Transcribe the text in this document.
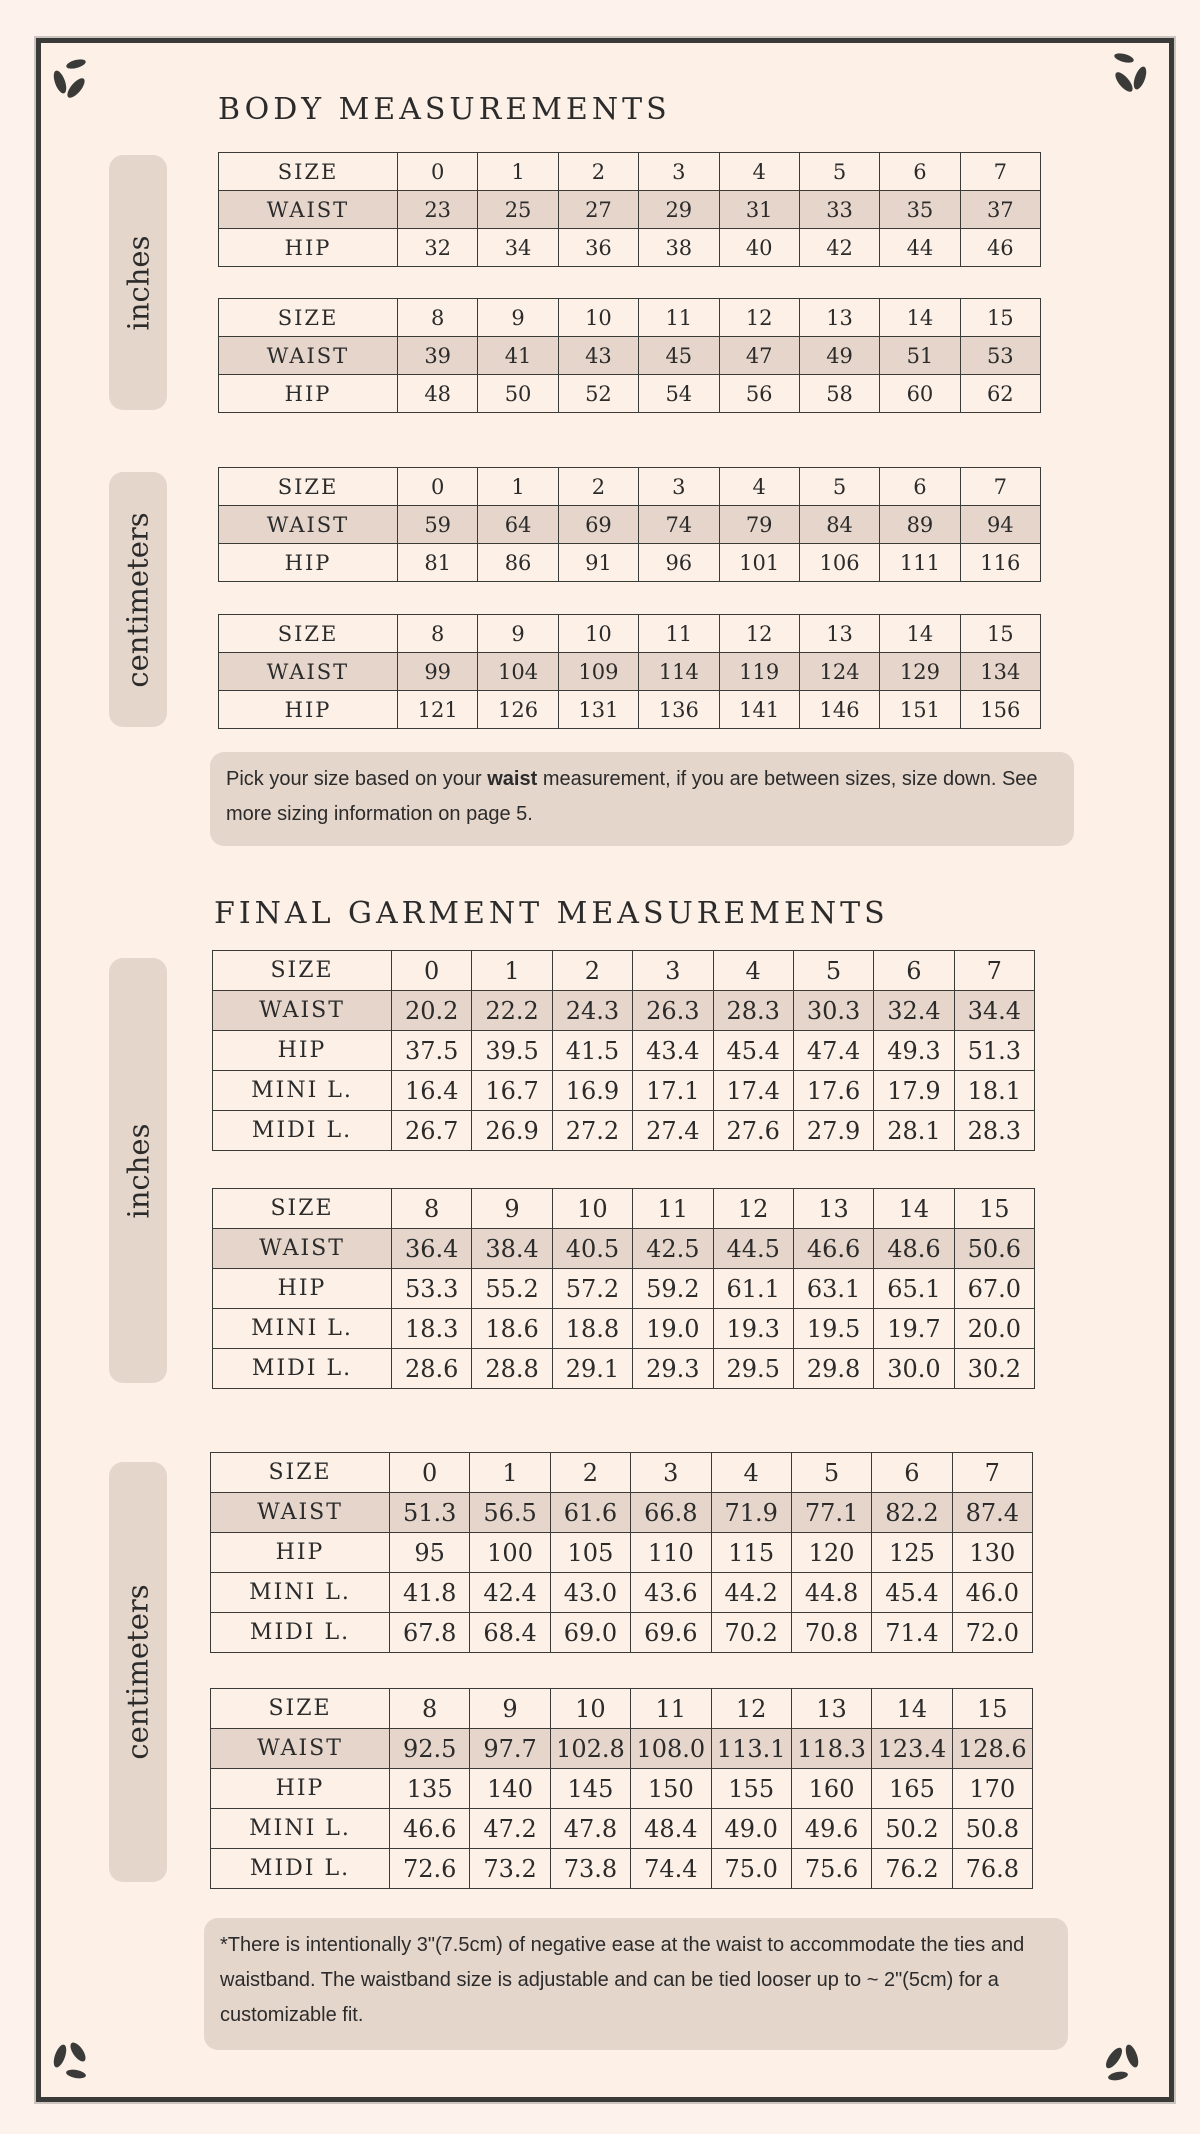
BODY MEASUREMENTS
inches
centimeters
SIZE	0	1	2	3	4	5	6	7
WAIST	23	25	27	29	31	33	35	37
HIP	32	34	36	38	40	42	44	46
SIZE	8	9	10	11	12	13	14	15
WAIST	39	41	43	45	47	49	51	53
HIP	48	50	52	54	56	58	60	62
SIZE	0	1	2	3	4	5	6	7
WAIST	59	64	69	74	79	84	89	94
HIP	81	86	91	96	101	106	111	116
SIZE	8	9	10	11	12	13	14	15
WAIST	99	104	109	114	119	124	129	134
HIP	121	126	131	136	141	146	151	156
Pick your size based on your waist measurement, if you are between sizes, size down. See more sizing information on page 5.
FINAL GARMENT MEASUREMENTS
inches
centimeters
SIZE	0	1	2	3	4	5	6	7
WAIST	20.2	22.2	24.3	26.3	28.3	30.3	32.4	34.4
HIP	37.5	39.5	41.5	43.4	45.4	47.4	49.3	51.3
MINI L.	16.4	16.7	16.9	17.1	17.4	17.6	17.9	18.1
MIDI L.	26.7	26.9	27.2	27.4	27.6	27.9	28.1	28.3
SIZE	8	9	10	11	12	13	14	15
WAIST	36.4	38.4	40.5	42.5	44.5	46.6	48.6	50.6
HIP	53.3	55.2	57.2	59.2	61.1	63.1	65.1	67.0
MINI L.	18.3	18.6	18.8	19.0	19.3	19.5	19.7	20.0
MIDI L.	28.6	28.8	29.1	29.3	29.5	29.8	30.0	30.2
SIZE	0	1	2	3	4	5	6	7
WAIST	51.3	56.5	61.6	66.8	71.9	77.1	82.2	87.4
HIP	95	100	105	110	115	120	125	130
MINI L.	41.8	42.4	43.0	43.6	44.2	44.8	45.4	46.0
MIDI L.	67.8	68.4	69.0	69.6	70.2	70.8	71.4	72.0
SIZE	8	9	10	11	12	13	14	15
WAIST	92.5	97.7	102.8	108.0	113.1	118.3	123.4	128.6
HIP	135	140	145	150	155	160	165	170
MINI L.	46.6	47.2	47.8	48.4	49.0	49.6	50.2	50.8
MIDI L.	72.6	73.2	73.8	74.4	75.0	75.6	76.2	76.8
*There is intentionally 3"(7.5cm) of negative ease at the waist to accommodate the ties and waistband. The waistband size is adjustable and can be tied looser up to ~ 2"(5cm) for a customizable fit.
